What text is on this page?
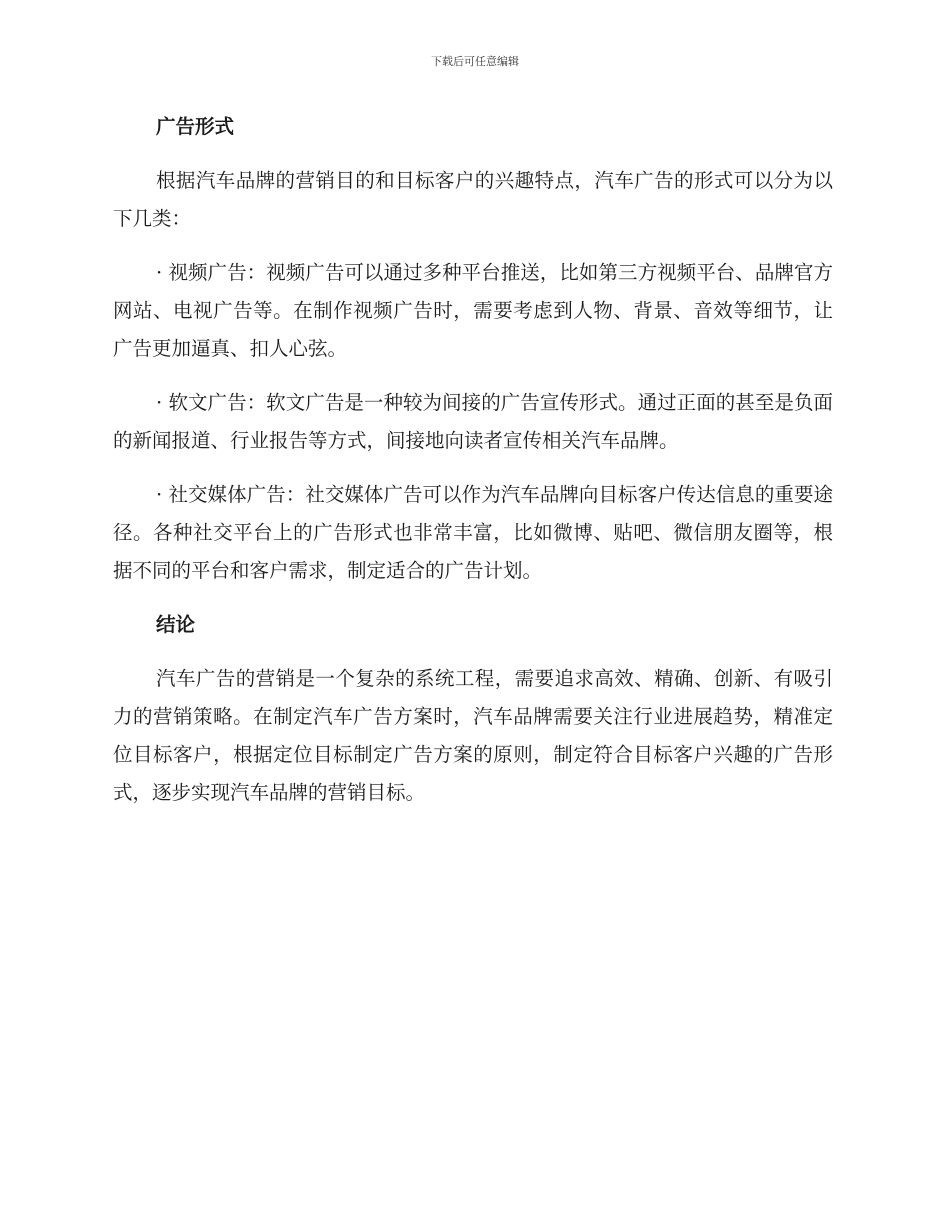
下载后可任意编辑
广告形式

根据汽车品牌的营销目的和目标客户的兴趣特点，汽车广告的形式可以分为以下几类：

· 视频广告：视频广告可以通过多种平台推送，比如第三方视频平台、品牌官方网站、电视广告等。在制作视频广告时，需要考虑到人物、背景、音效等细节，让广告更加逼真、扣人心弦。

· 软文广告：软文广告是一种较为间接的广告宣传形式。通过正面的甚至是负面的新闻报道、行业报告等方式，间接地向读者宣传相关汽车品牌。

· 社交媒体广告：社交媒体广告可以作为汽车品牌向目标客户传达信息的重要途径。各种社交平台上的广告形式也非常丰富，比如微博、贴吧、微信朋友圈等，根据不同的平台和客户需求，制定适合的广告计划。

结论

汽车广告的营销是一个复杂的系统工程，需要追求高效、精确、创新、有吸引力的营销策略。在制定汽车广告方案时，汽车品牌需要关注行业进展趋势，精准定位目标客户，根据定位目标制定广告方案的原则，制定符合目标客户兴趣的广告形式，逐步实现汽车品牌的营销目标。
